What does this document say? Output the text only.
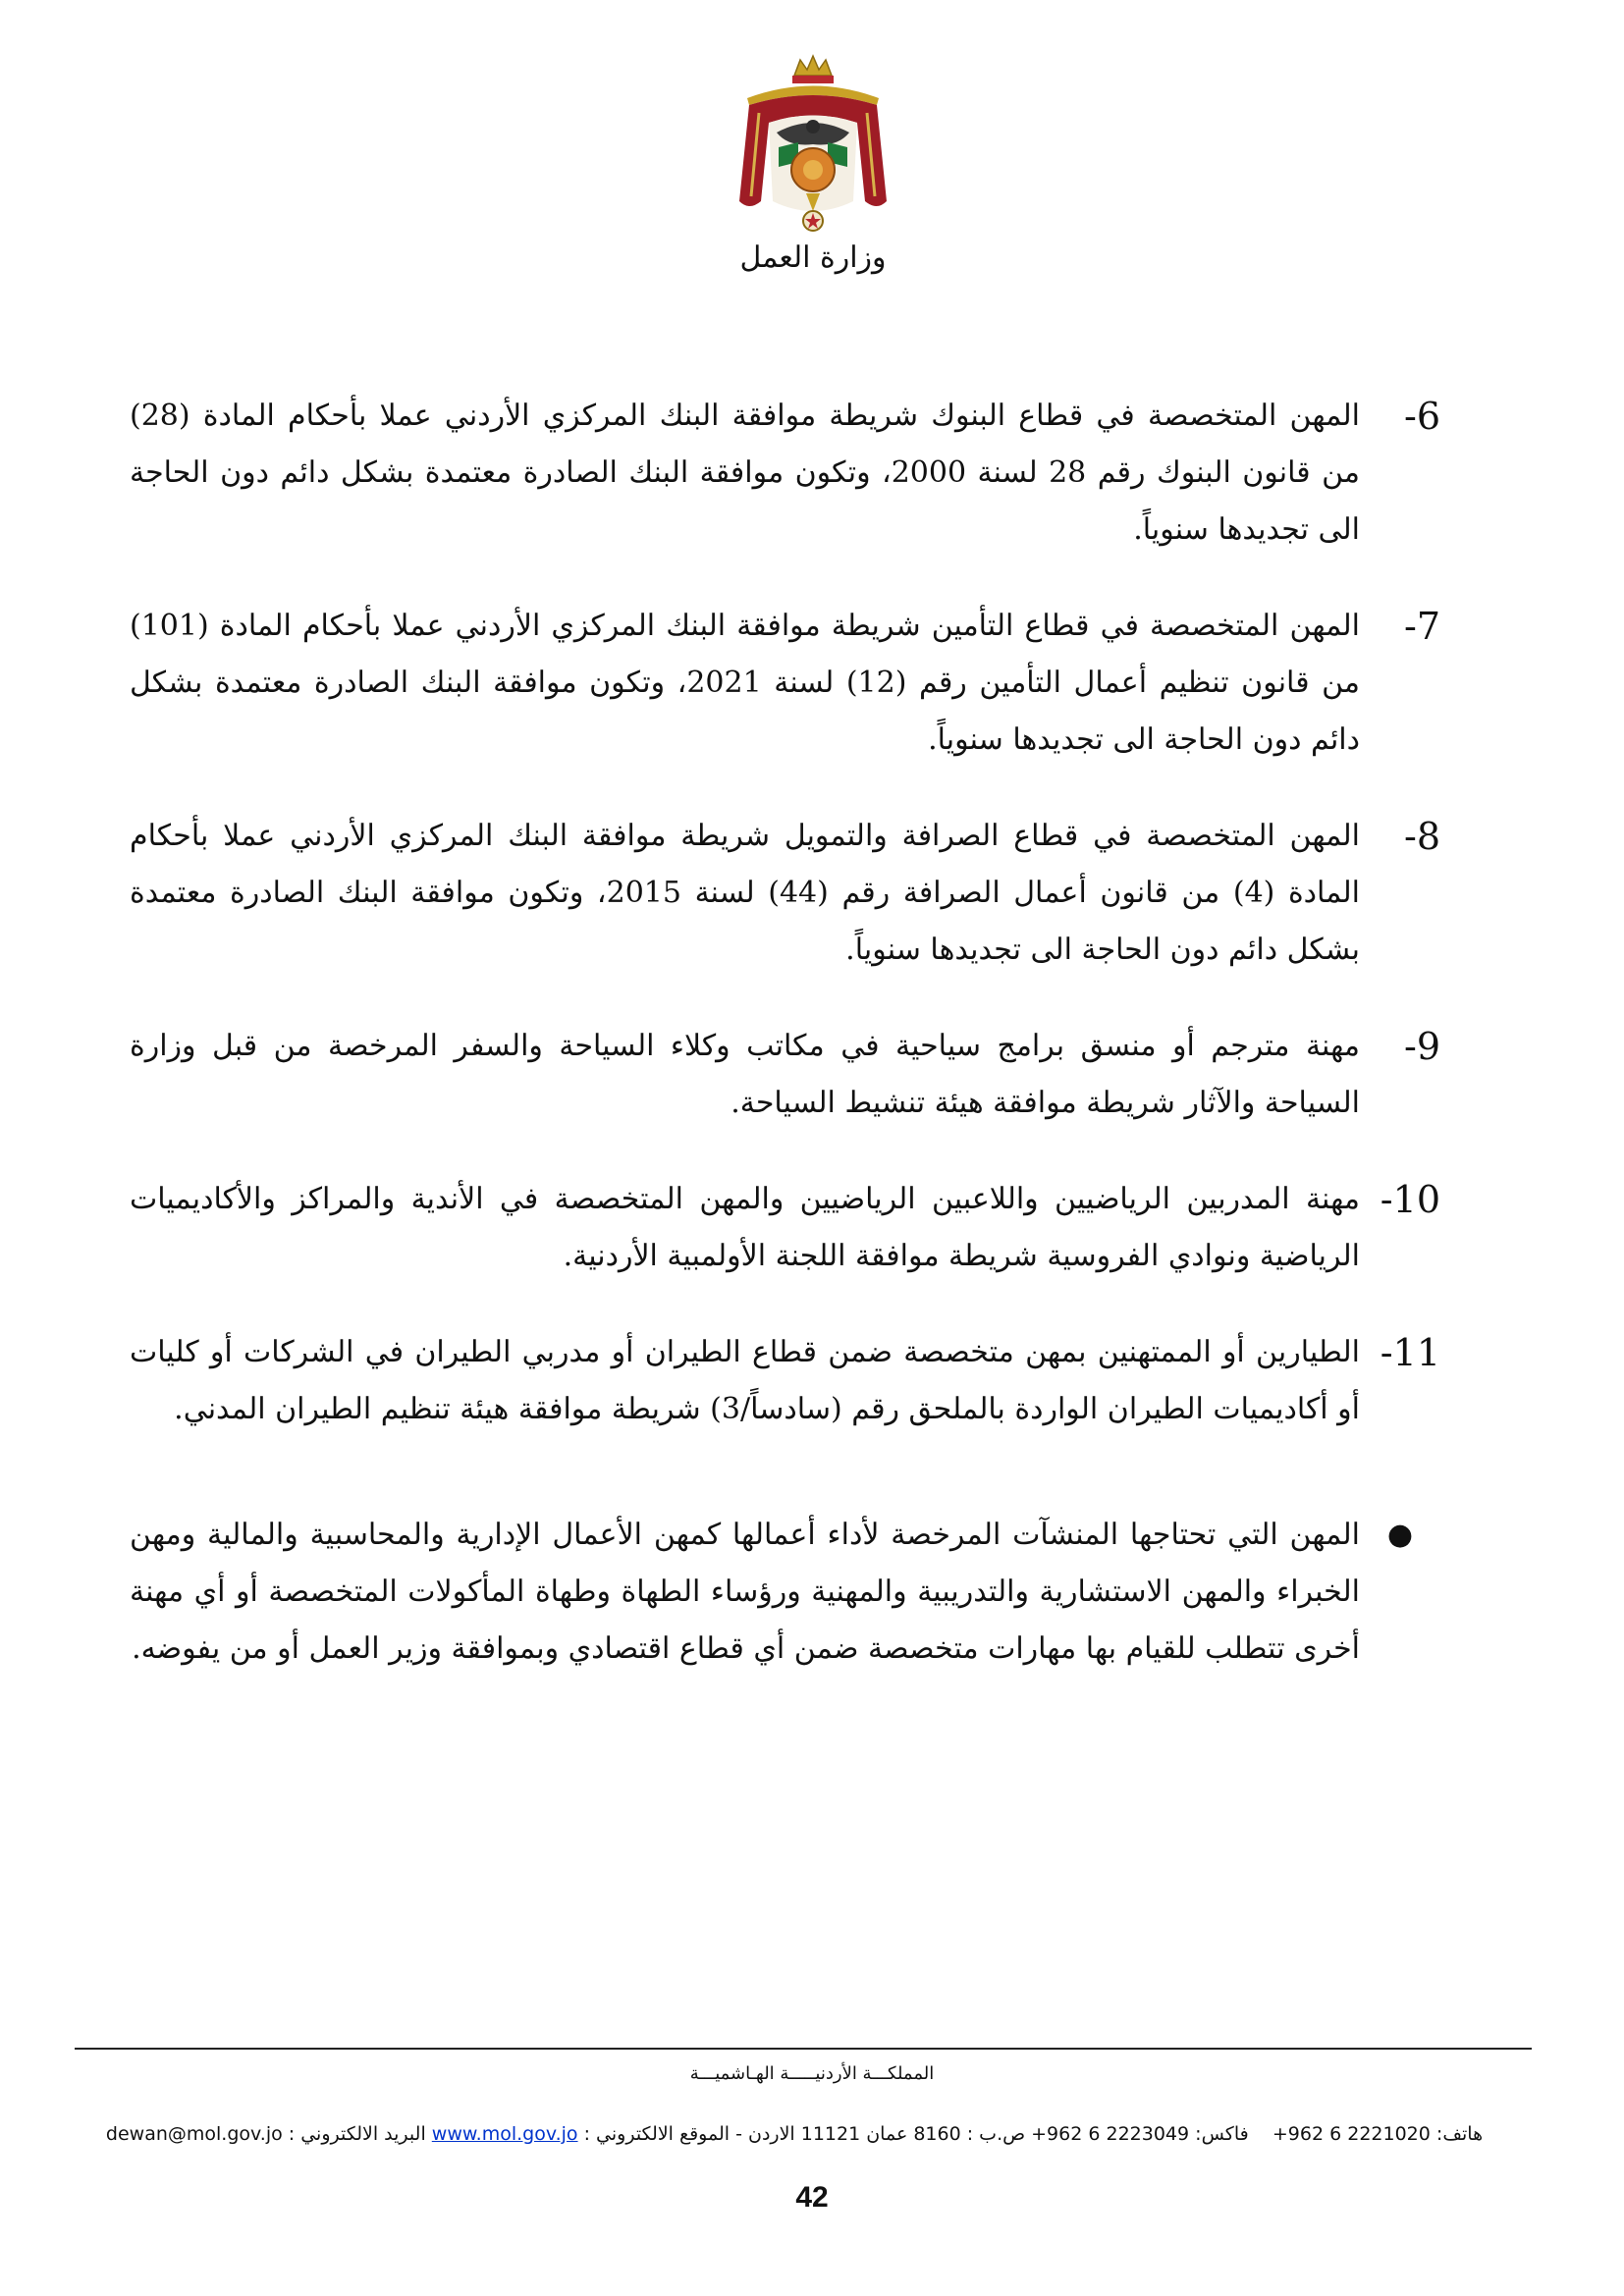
وزارة العمل
6-
المهن المتخصصة في قطاع البنوك شريطة موافقة البنك المركزي الأردني عملا بأحكام المادة (28) من قانون البنوك رقم 28 لسنة 2000، وتكون موافقة البنك الصادرة معتمدة بشكل دائم دون الحاجة الى تجديدها سنوياً.
7-
المهن المتخصصة في قطاع التأمين شريطة موافقة البنك المركزي الأردني عملا بأحكام المادة (101) من قانون تنظيم أعمال التأمين رقم (12) لسنة 2021، وتكون موافقة البنك الصادرة معتمدة بشكل دائم دون الحاجة الى تجديدها سنوياً.
8-
المهن المتخصصة في قطاع الصرافة والتمويل شريطة موافقة البنك المركزي الأردني عملا بأحكام المادة (4) من قانون أعمال الصرافة رقم (44) لسنة 2015، وتكون موافقة البنك الصادرة معتمدة بشكل دائم دون الحاجة الى تجديدها سنوياً.
9-
مهنة مترجم أو منسق برامج سياحية في مكاتب وكلاء السياحة والسفر المرخصة من قبل وزارة السياحة والآثار شريطة موافقة هيئة تنشيط السياحة.
10-
مهنة المدربين الرياضيين واللاعبين الرياضيين والمهن المتخصصة في الأندية والمراكز والأكاديميات الرياضية ونوادي الفروسية شريطة موافقة اللجنة الأولمبية الأردنية.
11-
الطيارين أو الممتهنين بمهن متخصصة ضمن قطاع الطيران أو مدربي الطيران في الشركات أو كليات أو أكاديميات الطيران الواردة بالملحق رقم (سادساً/3) شريطة موافقة هيئة تنظيم الطيران المدني.
●
المهن التي تحتاجها المنشآت المرخصة لأداء أعمالها كمهن الأعمال الإدارية والمحاسبية والمالية ومهن الخبراء والمهن الاستشارية والتدريبية والمهنية ورؤساء الطهاة وطهاة المأكولات المتخصصة أو أي مهنة أخرى تتطلب للقيام بها مهارات متخصصة ضمن أي قطاع اقتصادي وبموافقة وزير العمل أو من يفوضه.
المملكـــة الأردنيـــــة الهـاشميـــة
هاتف: +962 6 2221020    فاكس: +962 6 2223049 ص.ب : 8160 عمان 11121 الاردن - الموقع الالكتروني : www.mol.gov.jo البريد الالكتروني : dewan@mol.gov.jo
42
